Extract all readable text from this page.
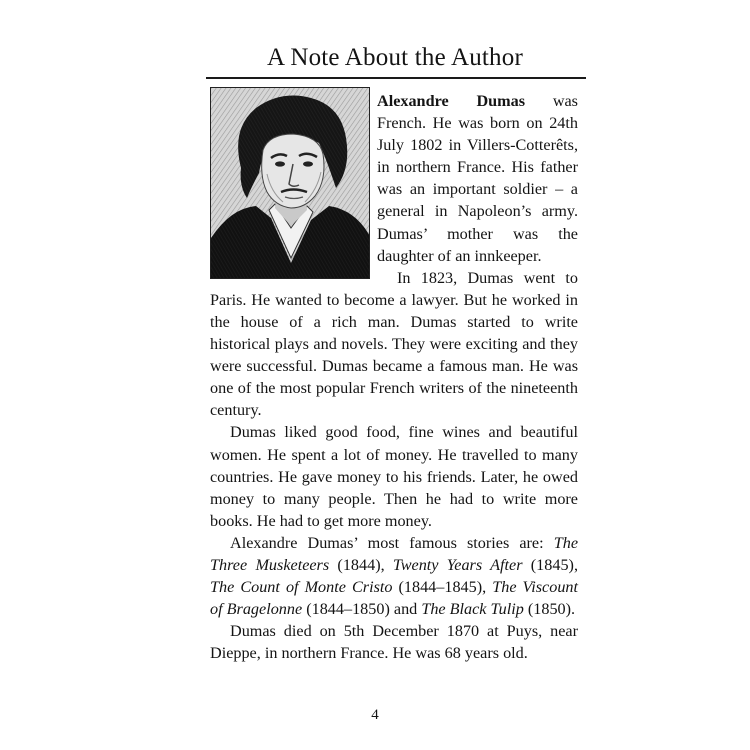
A Note About the Author

Alexandre Dumas was French. He was born on 24th July 1802 in Villers-Cotterêts, in northern France. His father was an important soldier – a general in Napoleon’s army. Dumas’ mother was the daughter of an innkeeper.

In 1823, Dumas went to Paris. He wanted to become a lawyer. But he worked in the house of a rich man. Dumas started to write historical plays and novels. They were exciting and they were successful. Dumas became a famous man. He was one of the most popular French writers of the nineteenth century.

Dumas liked good food, fine wines and beautiful women. He spent a lot of money. He travelled to many countries. He gave money to his friends. Later, he owed money to many people. Then he had to write more books. He had to get more money.

Alexandre Dumas’ most famous stories are: The Three Musketeers (1844), Twenty Years After (1845), The Count of Monte Cristo (1844–1845), The Viscount of Bragelonne (1844–1850) and The Black Tulip (1850).

Dumas died on 5th December 1870 at Puys, near Dieppe, in northern France. He was 68 years old.

4
